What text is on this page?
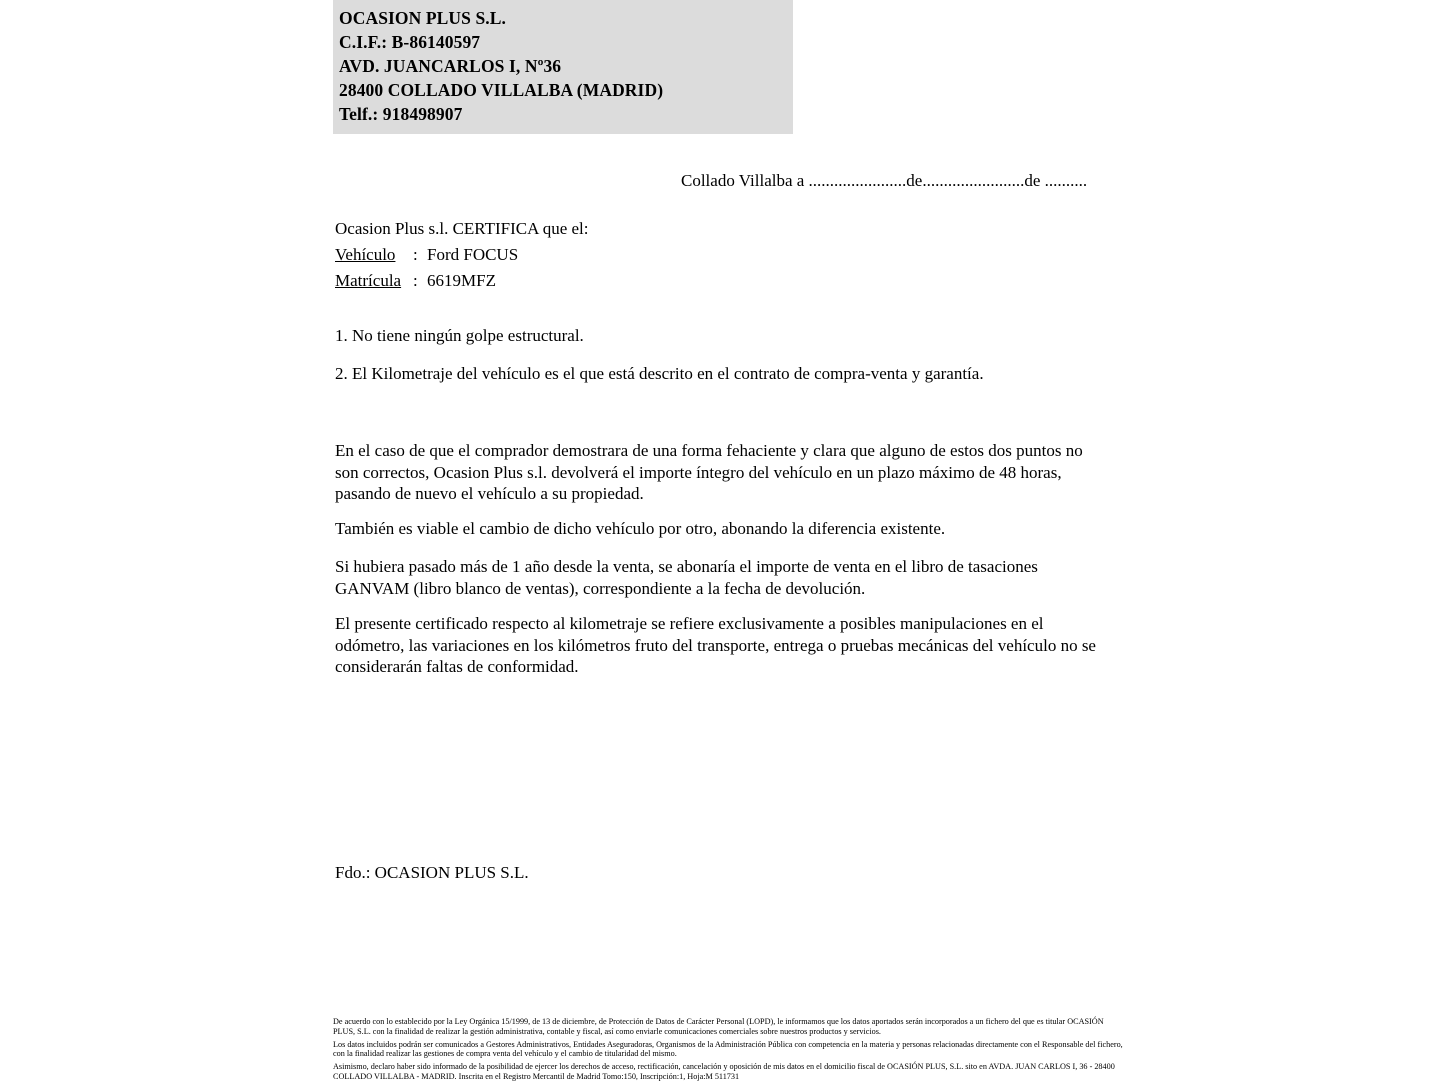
OCASION PLUS S.L.
C.I.F.: B-86140597
AVD. JUANCARLOS I, Nº36
28400 COLLADO VILLALBA (MADRID)
Telf.: 918498907
Collado Villalba a .......................de........................de ..........
Ocasion Plus s.l. CERTIFICA que el:
Vehículo	: Ford FOCUS
Matrícula : 6619MFZ
1. No tiene ningún golpe estructural.
2. El Kilometraje del vehículo es el que está descrito en el contrato de compra-venta y garantía.
En el caso de que el comprador demostrara de una forma fehaciente y clara que alguno de estos dos puntos no son correctos, Ocasion Plus s.l. devolverá el importe íntegro del vehículo en un plazo máximo de 48 horas, pasando de nuevo el vehículo a su propiedad.
También es viable el cambio de dicho vehículo por otro, abonando la diferencia existente.
Si hubiera pasado más de 1 año desde la venta, se abonaría el importe de venta en el libro de tasaciones GANVAM (libro blanco de ventas), correspondiente a la fecha de devolución.
El presente certificado respecto al kilometraje se refiere exclusivamente a posibles manipulaciones en el odómetro, las variaciones en los kilómetros fruto del transporte, entrega o pruebas mecánicas del vehículo no se considerarán faltas de conformidad.
Fdo.: OCASION PLUS S.L.

De acuerdo con lo establecido por la Ley Orgánica 15/1999, de 13 de diciembre, de Protección de Datos de Carácter Personal (LOPD), le informamos que los datos aportados serán incorporados a un fichero del que es titular OCASIÓN PLUS, S.L. con la finalidad de realizar la gestión administrativa, contable y fiscal, así como enviarle comunicaciones comerciales sobre nuestros productos y servicios.

Los datos incluidos podrán ser comunicados a Gestores Administrativos, Entidades Aseguradoras, Organismos de la Administración Pública con competencia en la materia y personas relacionadas directamente con el Responsable del fichero, con la finalidad realizar las gestiones de compra venta del vehículo y el cambio de titularidad del mismo.

Asimismo, declaro haber sido informado de la posibilidad de ejercer los derechos de acceso, rectificación, cancelación y oposición de mis datos en el domicilio fiscal de OCASIÓN PLUS, S.L. sito en AVDA. JUAN CARLOS I, 36 - 28400 COLLADO VILLALBA - MADRID. Inscrita en el Registro Mercantil de Madrid Tomo:150, Inscripción:1, Hoja:M 511731
